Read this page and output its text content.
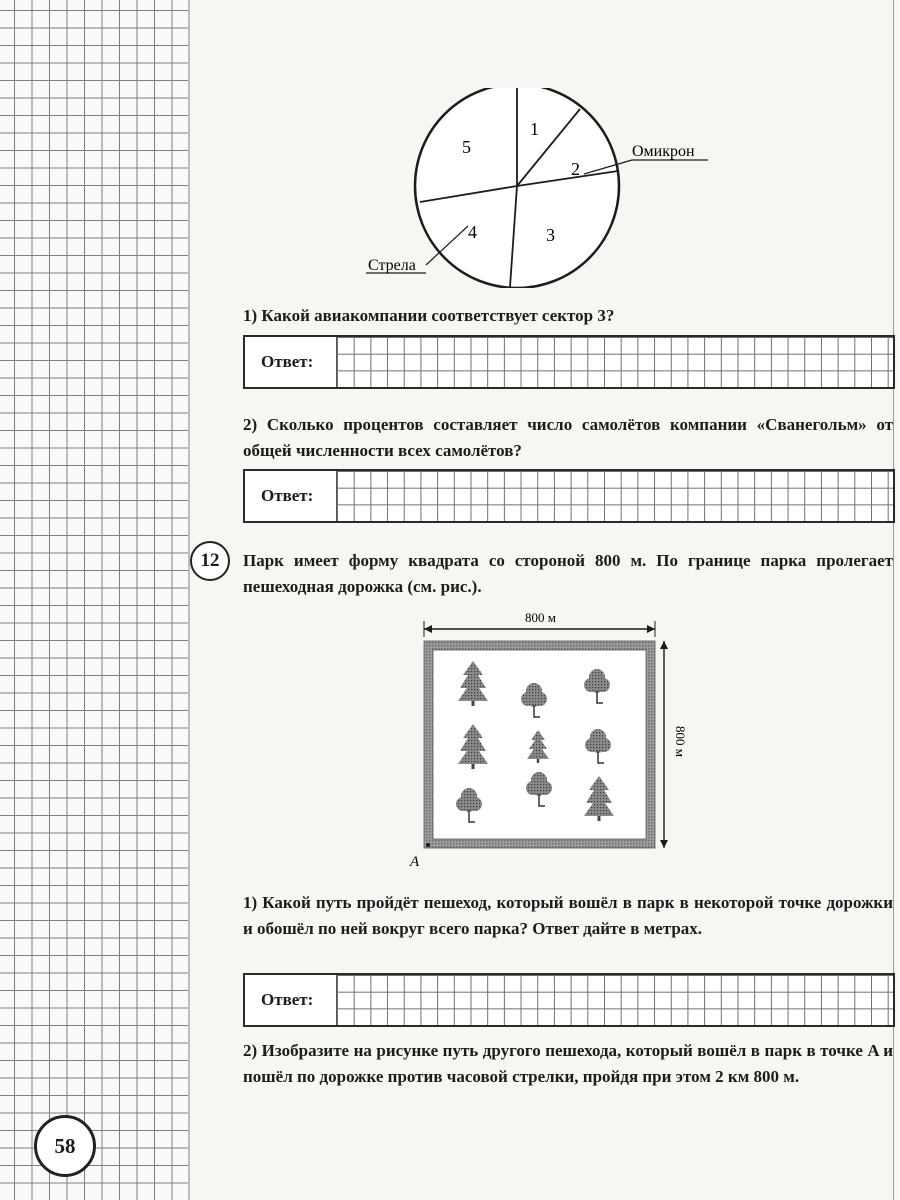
1
2
3
4
5	Омикрон
Стрела
1) Какой авиакомпании соответствует сектор 3?
Ответ:
2) Сколько процентов составляет число самолётов компании «Сванегольм» от общей численности всех самолётов?
Ответ:
12	Парк имеет форму квадрата со стороной 800 м. По границе парка пролегает пешеходная дорожка (см. рис.).
800 м
800 м
A
1) Какой путь пройдёт пешеход, который вошёл в парк в некоторой точке дорожки и обошёл по ней вокруг всего парка? Ответ дайте в метрах.
Ответ:
2) Изобразите на рисунке путь другого пешехода, который вошёл в парк в точке A и пошёл по дорожке против часовой стрелки, пройдя при этом 2 км 800 м.
58
